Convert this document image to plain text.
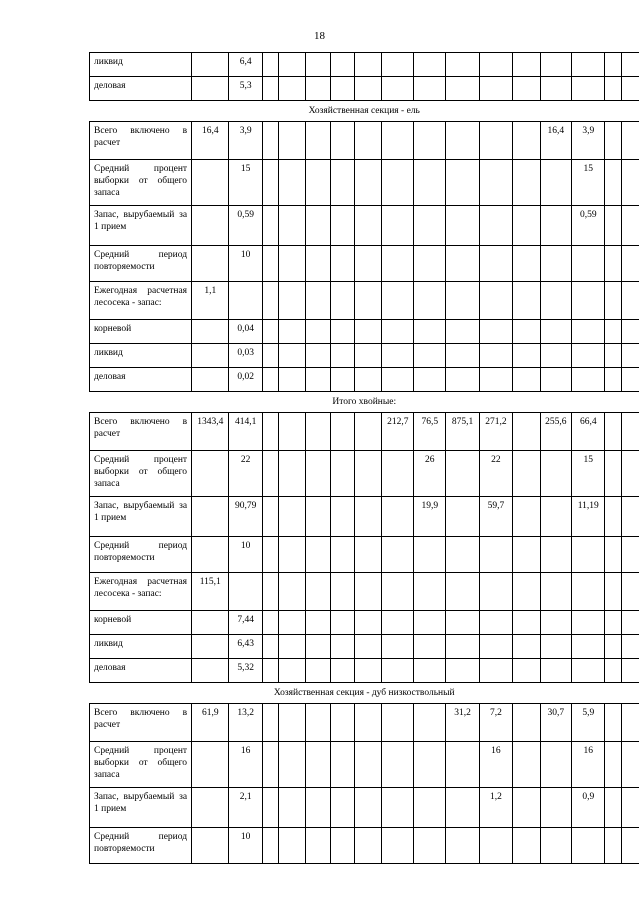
18
ликвид		6,4														
деловая		5,3														
Хозяйственная секция - ель																
Всего включено в расчет	16,4	3,9											16,4	3,9		
Средний процент выборки от общего запаса		15												15		
Запас, вырубаемый за 1 прием		0,59												0,59		
Средний период повторяемости		10														
Ежегодная расчетная лесосека - запас:	1,1															
корневой		0,04														
ликвид		0,03														
деловая		0,02														
Итого хвойные:																
Всего включено в расчет	1343,4	414,1						212,7	76,5	875,1	271,2		255,6	66,4		
Средний процент выборки от общего запаса		22							26		22			15		
Запас, вырубаемый за 1 прием		90,79							19,9		59,7			11,19		
Средний период повторяемости		10														
Ежегодная расчетная лесосека - запас:	115,1															
корневой		7,44														
ликвид		6,43														
деловая		5,32														
Хозяйственная секция - дуб низкоствольный																
Всего включено в расчет	61,9	13,2								31,2	7,2		30,7	5,9		
Средний процент выборки от общего запаса		16									16			16		
Запас, вырубаемый за 1 прием		2,1									1,2			0,9		
Средний период повторяемости		10														
